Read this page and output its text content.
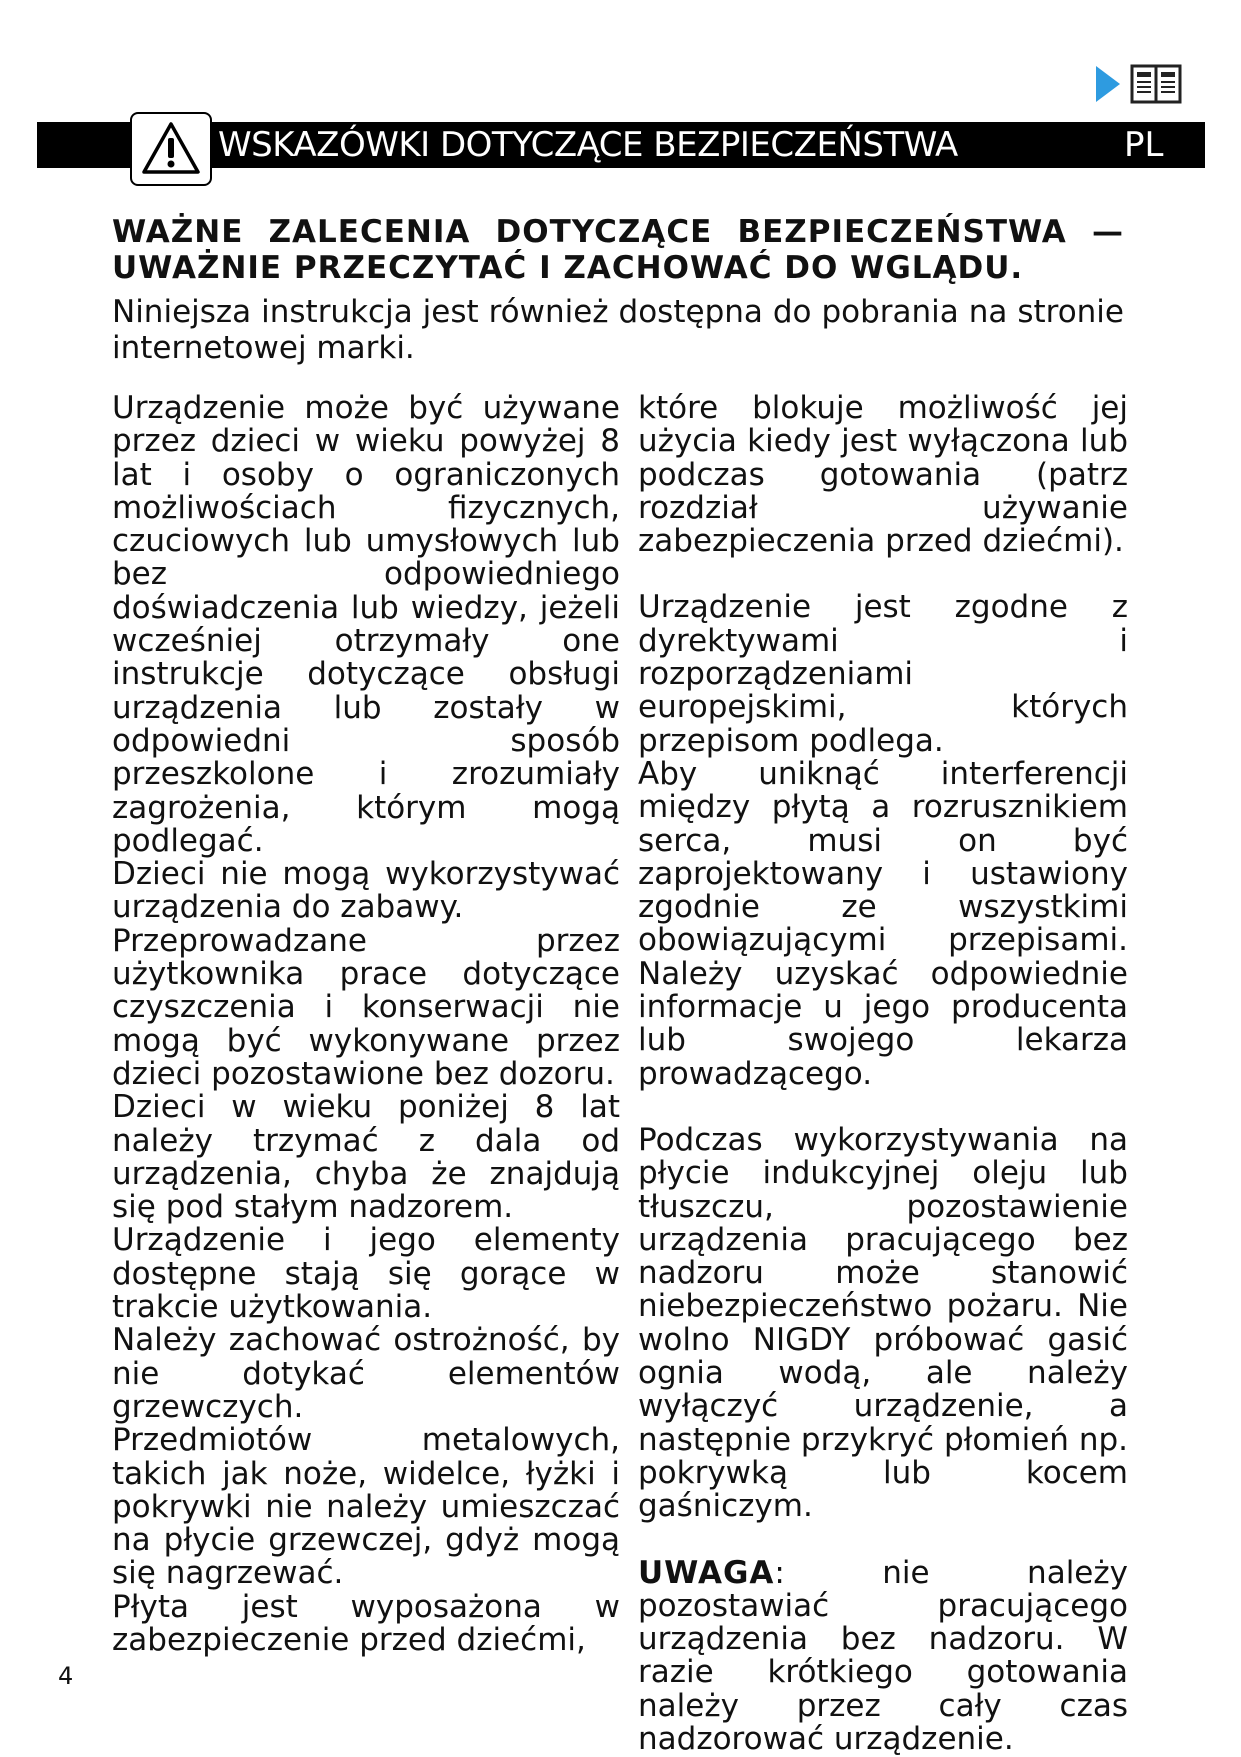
WSKAZÓWKI DOTYCZĄCE BEZPIECZEŃSTWA	PL
WAŻNE ZALECENIA DOTYCZĄCE BEZPIECZEŃSTWA —
UWAŻNIE PRZECZYTAĆ I ZACHOWAĆ DO WGLĄDU.
Niniejsza instrukcja jest również dostępna do pobrania na stronie internetowej marki.

Urządzenie może być używane przez dzieci w wieku powyżej 8 lat i osoby o ograniczonych możliwościach fizycznych, czuciowych lub umysłowych lub bez odpowiedniego doświadczenia lub wiedzy, jeżeli wcześniej otrzymały one instrukcje dotyczące obsługi urządzenia lub zostały w odpowiedni sposób przeszkolone i zrozumiały zagrożenia, którym mogą podlegać.

Dzieci nie mogą wykorzystywać urządzenia do zabawy.

Przeprowadzane przez użytkownika prace dotyczące czyszczenia i konserwacji nie mogą być wykonywane przez dzieci pozostawione bez dozoru.

Dzieci w wieku poniżej 8 lat należy trzymać z dala od urządzenia, chyba że znajdują się pod stałym nadzorem.

Urządzenie i jego elementy dostępne stają się gorące w trakcie użytkowania.

Należy zachować ostrożność, by nie dotykać elementów grzewczych.

Przedmiotów metalowych, takich jak noże, widelce, łyżki i pokrywki nie należy umieszczać na płycie grzewczej, gdyż mogą się nagrzewać.

Płyta jest wyposażona w zabezpieczenie przed dziećmi,

które blokuje możliwość jej użycia kiedy jest wyłączona lub podczas gotowania (patrz rozdział używanie zabezpieczenia przed dziećmi).

Urządzenie jest zgodne z dyrektywami i rozporządzeniami europejskimi, których przepisom podlega.

Aby uniknąć interferencji między płytą a rozrusznikiem serca, musi on być zaprojektowany i ustawiony zgodnie ze wszystkimi obowiązującymi przepisami. Należy uzyskać odpowiednie informacje u jego producenta lub swojego lekarza prowadzącego.

Podczas wykorzystywania na płycie indukcyjnej oleju lub tłuszczu, pozostawienie urządzenia pracującego bez nadzoru może stanowić niebezpieczeństwo pożaru. Nie wolno NIGDY próbować gasić ognia wodą, ale należy wyłączyć urządzenie, a następnie przykryć płomień np. pokrywką lub kocem gaśniczym.

UWAGA: nie należy pozostawiać pracującego urządzenia bez nadzoru. W razie krótkiego gotowania należy przez cały czas nadzorować urządzenie.

4
